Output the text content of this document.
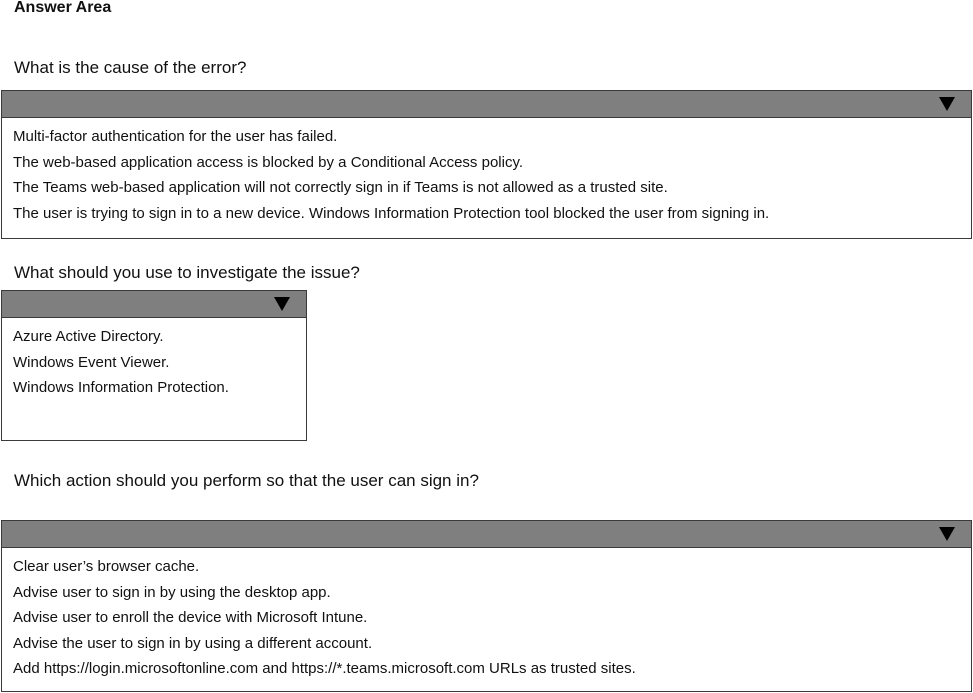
Answer Area

What is the cause of the error?

Multi-factor authentication for the user has failed.
The web-based application access is blocked by a Conditional Access policy.
The Teams web-based application will not correctly sign in if Teams is not allowed as a trusted site.
The user is trying to sign in to a new device. Windows Information Protection tool blocked the user from signing in.

What should you use to investigate the issue?

Azure Active Directory.
Windows Event Viewer.
Windows Information Protection.

Which action should you perform so that the user can sign in?

Clear user’s browser cache.
Advise user to sign in by using the desktop app.
Advise user to enroll the device with Microsoft Intune.
Advise the user to sign in by using a different account.
Add https://login.microsoftonline.com and https://*.teams.microsoft.com URLs as trusted sites.
